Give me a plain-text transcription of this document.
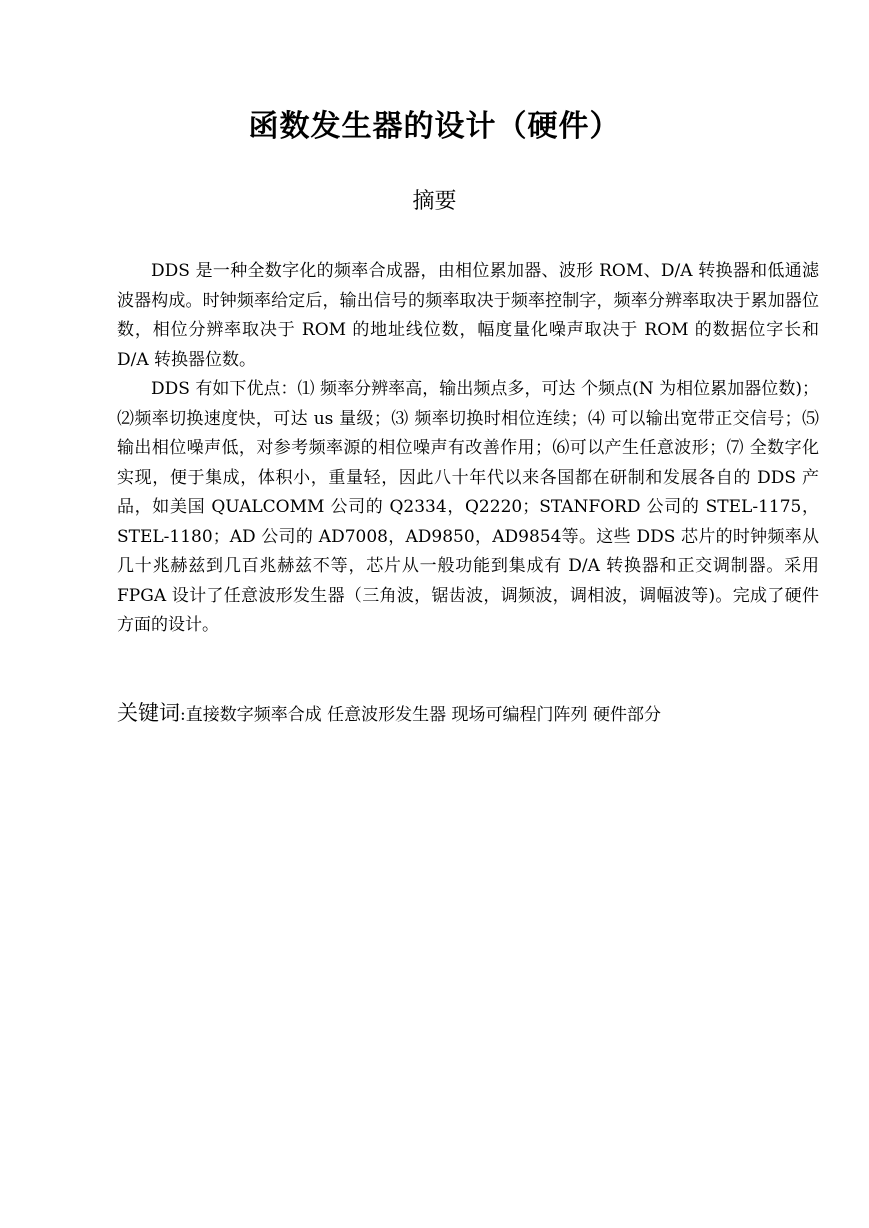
函数发生器的设计（硬件）
摘要

DDS 是一种全数字化的频率合成器，由相位累加器、波形 ROM、D/A 转换器和低通滤波器构成。时钟频率给定后，输出信号的频率取决于频率控制字，频率分辨率取决于累加器位数，相位分辨率取决于 ROM 的地址线位数，幅度量化噪声取决于 ROM 的数据位字长和 D/A 转换器位数。

DDS 有如下优点：⑴ 频率分辨率高，输出频点多，可达 个频点(N 为相位累加器位数)；⑵频率切换速度快，可达 us 量级；⑶ 频率切换时相位连续；⑷ 可以输出宽带正交信号；⑸ 输出相位噪声低，对参考频率源的相位噪声有改善作用；⑹可以产生任意波形；⑺ 全数字化实现，便于集成，体积小，重量轻，因此八十年代以来各国都在研制和发展各自的 DDS 产品，如美国 QUALCOMM 公司的 Q2334，Q2220；STANFORD 公司的 STEL-1175，STEL-1180；AD 公司的 AD7008，AD9850，AD9854等。这些 DDS 芯片的时钟频率从几十兆赫兹到几百兆赫兹不等，芯片从一般功能到集成有 D/A 转换器和正交调制器。采用 FPGA 设计了任意波形发生器（三角波，锯齿波，调频波，调相波，调幅波等)。完成了硬件方面的设计。

关键词:直接数字频率合成 任意波形发生器 现场可编程门阵列 硬件部分
